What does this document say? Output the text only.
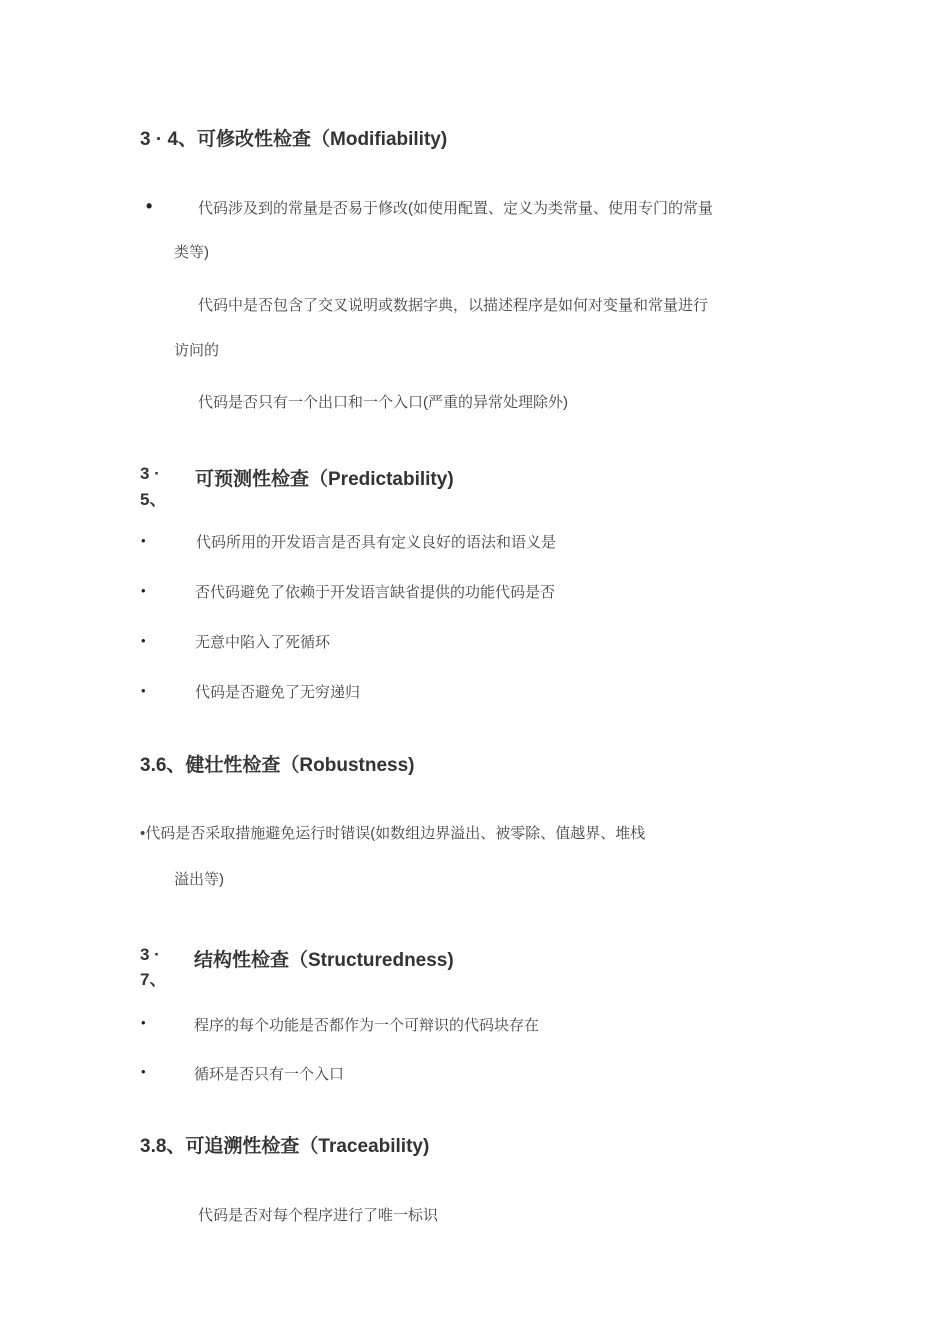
3 · 4、可修改性检查（Modifiability)
•	代码涉及到的常量是否易于修改(如使用配置、定义为类常量、使用专门的常量
类等)
代码中是否包含了交叉说明或数据字典，以描述程序是如何对变量和常量进行
访问的
代码是否只有一个出口和一个入口(严重的异常处理除外)
3 ·
5、
可预测性检查（Predictability)
•	代码所用的开发语言是否具有定义良好的语法和语义是
•	否代码避免了依赖于开发语言缺省提供的功能代码是否
•	无意中陷入了死循环
•	代码是否避免了无穷递归
3.6、健壮性检查（Robustness)
•代码是否采取措施避免运行时错误(如数组边界溢出、被零除、值越界、堆栈
溢出等)
3 ·
7、
结构性检查（Structuredness)
•	程序的每个功能是否都作为一个可辩识的代码块存在
•	循环是否只有一个入口
3.8、可追溯性检查（Traceability)
代码是否对每个程序进行了唯一标识
